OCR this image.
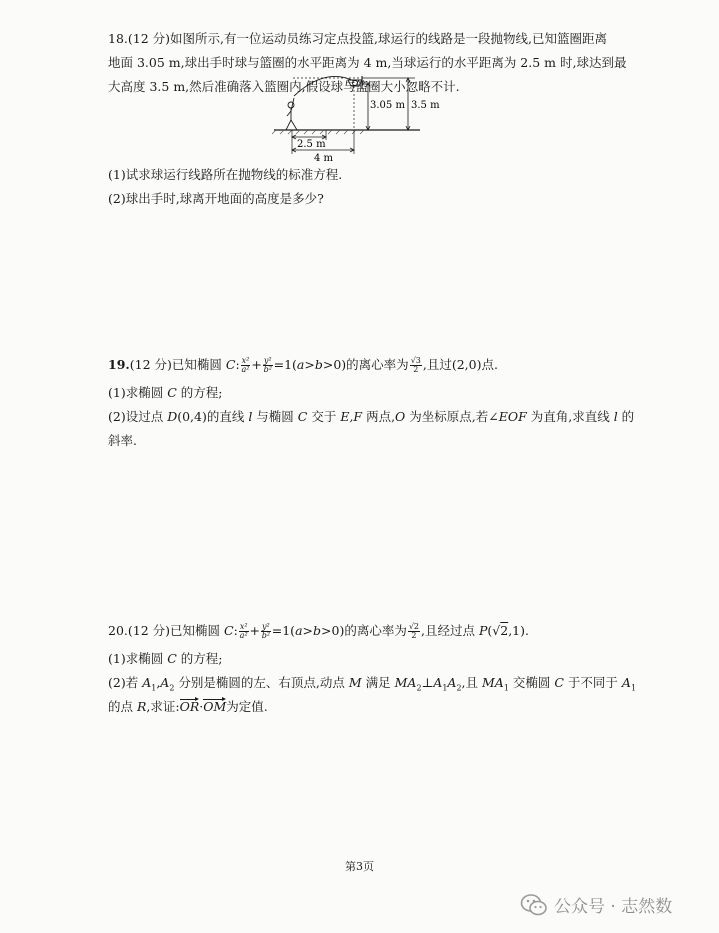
18.(12 分)如图所示,有一位运动员练习定点投篮,球运行的线路是一段抛物线,已知篮圈距离
地面 3.05 m,球出手时球与篮圈的水平距离为 4 m,当球运行的水平距离为 2.5 m 时,球达到最
大高度 3.5 m,然后准确落入篮圈内,假设球与篮圈大小忽略不计.
3.05 m 3.5 m
2.5 m
4 m
(1)试求球运行线路所在抛物线的标准方程.
(2)球出手时,球离开地面的高度是多少?
19.(12 分)已知椭圆 C: $\frac{\text{x²}}{\text{a²}} + \frac{\text{y²}}{\text{b²}} =1(a>b>0)$的离心率为 $\frac{√3}{2}$ ,且过(2,0)点.
(1)求椭圆 C 的方程;
(2)设过点 D(0,4)的直线 l 与椭圆 C 交于 E,F 两点,O 为坐标原点,若∠EOF 为直角,求直线 l 的
斜率.
20.(12 分)已知椭圆 C: $\frac{\text{x²}}{\text{a²}} + \frac{\text{y²}}{\text{b²}} =1(a>b>0)$的离心率为 $\frac{√2}{2}$ ,且经过点 P(√2,1).
(1)求椭圆 C 的方程;
(2)若 $A_1,A_2$ 分别是椭圆的左、右顶点,动点 M 满足 $MA_2\perp A_1A_2$,且 $MA_1$ 交椭圆 C 于不同于 $A_1$
的点 R,求证:OR·OM为定值.
第3页
公众号 · 志然数
